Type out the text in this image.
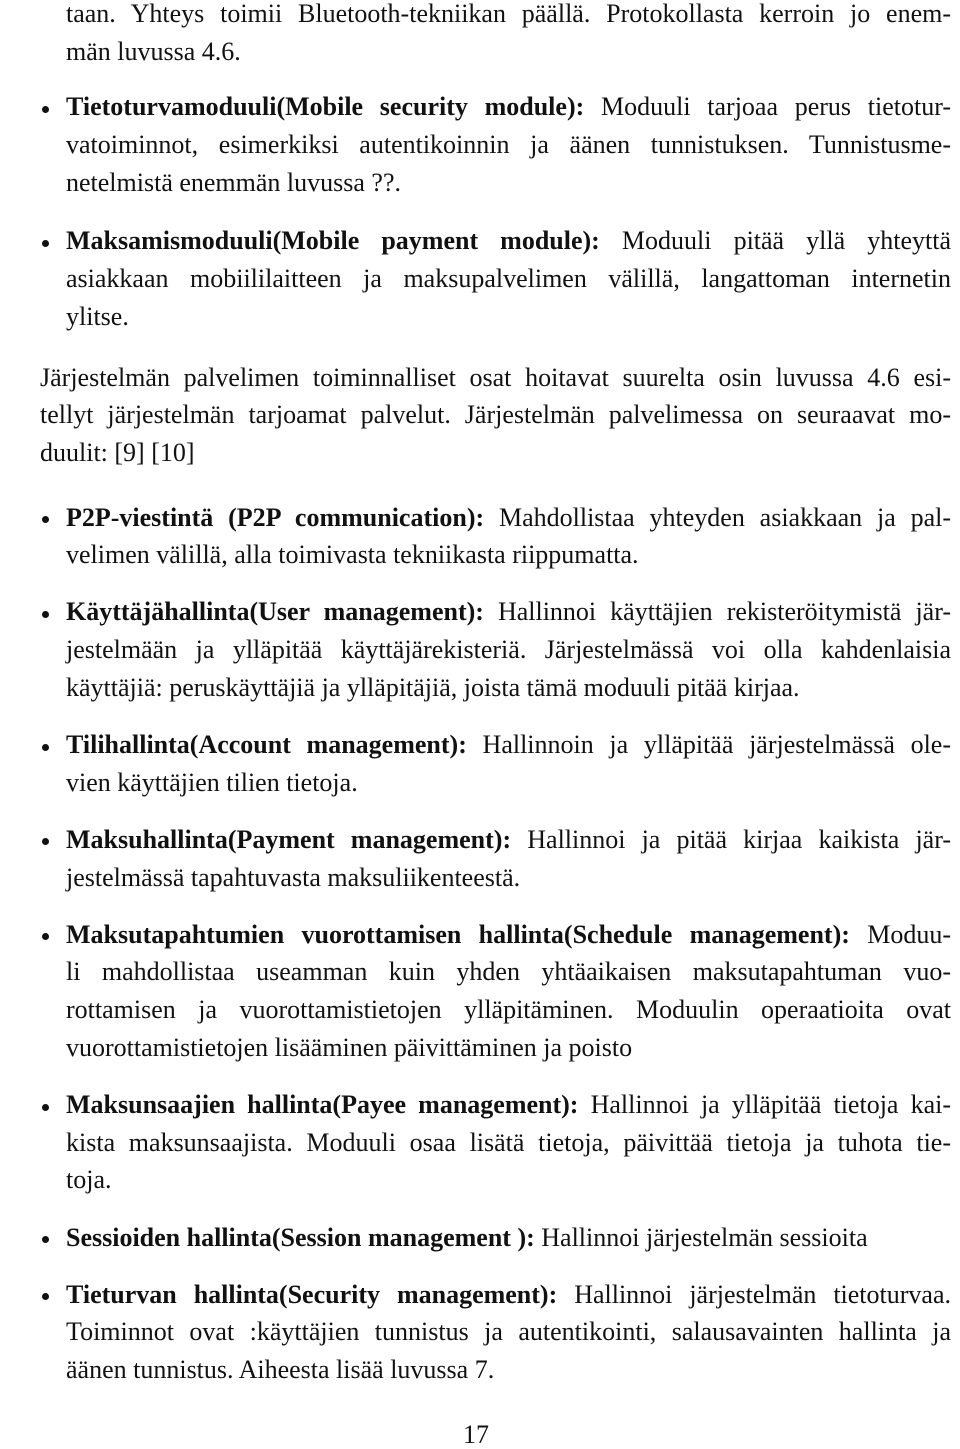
taan. Yhteys toimii Bluetooth-tekniikan päällä. Protokollasta kerroin jo enem-
män luvussa 4.6.
Tietoturvamoduuli(Mobile security module): Moduuli tarjoaa perus tietotur-
vatoiminnot, esimerkiksi autentikoinnin ja äänen tunnistuksen. Tunnistusme-
netelmistä enemmän luvussa ??.
Maksamismoduuli(Mobile payment module): Moduuli pitää yllä yhteyttä
asiakkaan mobiililaitteen ja maksupalvelimen välillä, langattoman internetin
ylitse.
Järjestelmän palvelimen toiminnalliset osat hoitavat suurelta osin luvussa 4.6 esi-
tellyt järjestelmän tarjoamat palvelut. Järjestelmän palvelimessa on seuraavat mo-
duulit: [9] [10]
P2P-viestintä (P2P communication): Mahdollistaa yhteyden asiakkaan ja pal-
velimen välillä, alla toimivasta tekniikasta riippumatta.
Käyttäjähallinta(User management): Hallinnoi käyttäjien rekisteröitymistä jär-
jestelmään ja ylläpitää käyttäjärekisteriä. Järjestelmässä voi olla kahdenlaisia
käyttäjiä: peruskäyttäjiä ja ylläpitäjiä, joista tämä moduuli pitää kirjaa.
Tilihallinta(Account management): Hallinnoin ja ylläpitää järjestelmässä ole-
vien käyttäjien tilien tietoja.
Maksuhallinta(Payment management): Hallinnoi ja pitää kirjaa kaikista jär-
jestelmässä tapahtuvasta maksuliikenteestä.
Maksutapahtumien vuorottamisen hallinta(Schedule management): Moduu-
li mahdollistaa useamman kuin yhden yhtäaikaisen maksutapahtuman vuo-
rottamisen ja vuorottamistietojen ylläpitäminen. Moduulin operaatioita ovat
vuorottamistietojen lisääminen päivittäminen ja poisto
Maksunsaajien hallinta(Payee management): Hallinnoi ja ylläpitää tietoja kai-
kista maksunsaajista. Moduuli osaa lisätä tietoja, päivittää tietoja ja tuhota tie-
toja.
Sessioiden hallinta(Session management ): Hallinnoi järjestelmän sessioita
Tieturvan hallinta(Security management): Hallinnoi järjestelmän tietoturvaa.
Toiminnot ovat :käyttäjien tunnistus ja autentikointi, salausavainten hallinta ja
äänen tunnistus. Aiheesta lisää luvussa 7.
17
